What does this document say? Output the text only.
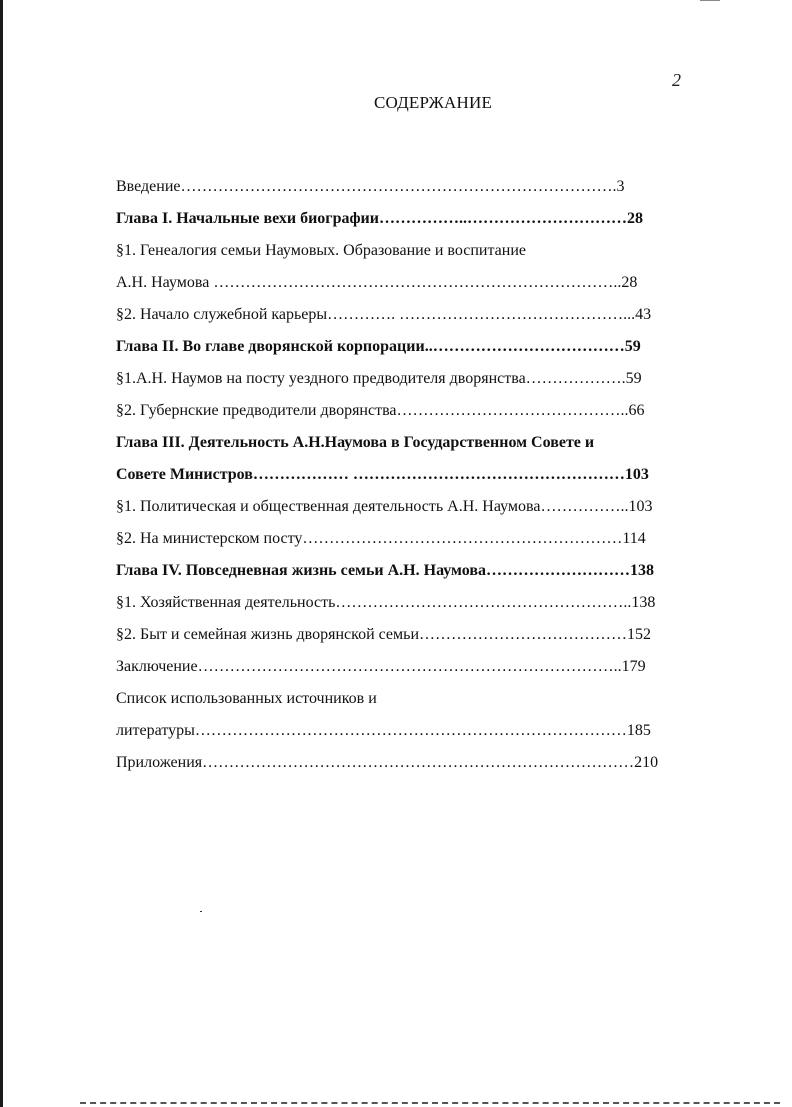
2
СОДЕРЖАНИЕ
Введение……………………………………………………………………….3
Глава I. Начальные вехи биографии……………..…………………………28
§1. Генеалогия семьи Наумовых. Образование и воспитание
А.Н. Наумова …………………………………………………………………..28
§2. Начало служебной карьеры…………. ……………………………………...43
Глава II. Во главе дворянской корпорации..………………………………59
§1.А.Н. Наумов на посту уездного предводителя дворянства……………….59
§2. Губернские предводители дворянства……………………………………..66
Глава III. Деятельность А.Н.Наумова в Государственном Совете и
Совете Министров……………… ……………………………………………103
§1. Политическая и общественная деятельность А.Н. Наумова……………..103
§2. На министерском посту……………………………………………………114
Глава IV. Повседневная жизнь семьи А.Н. Наумова………………………138
§1. Хозяйственная деятельность………………………………………………..138
§2. Быт и семейная жизнь дворянской семьи…………………………………152
Заключение……………………………………………………………………..179
Список использованных источников и
литературы………………………………………………………………………185
Приложения………………………………………………………………………210
